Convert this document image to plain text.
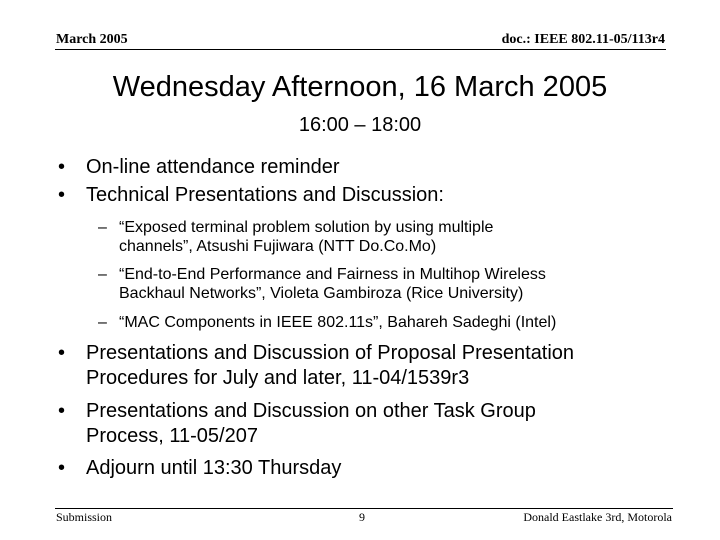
March 2005	doc.: IEEE 802.11-05/113r4
Wednesday Afternoon, 16 March 2005
16:00 – 18:00
•	On-line attendance reminder
•	Technical Presentations and Discussion:
– “Exposed terminal problem solution by using multiple
channels”, Atsushi Fujiwara (NTT Do.Co.Mo)
– “End-to-End Performance and Fairness in Multihop Wireless
Backhaul Networks”, Violeta Gambiroza (Rice University)
– “MAC Components in IEEE 802.11s”, Bahareh Sadeghi (Intel)
•	Presentations and Discussion of Proposal Presentation
Procedures for July and later, 11-04/1539r3
•	Presentations and Discussion on other Task Group
Process, 11-05/207
•	Adjourn until 13:30 Thursday
Submission	9	Donald Eastlake 3rd, Motorola
